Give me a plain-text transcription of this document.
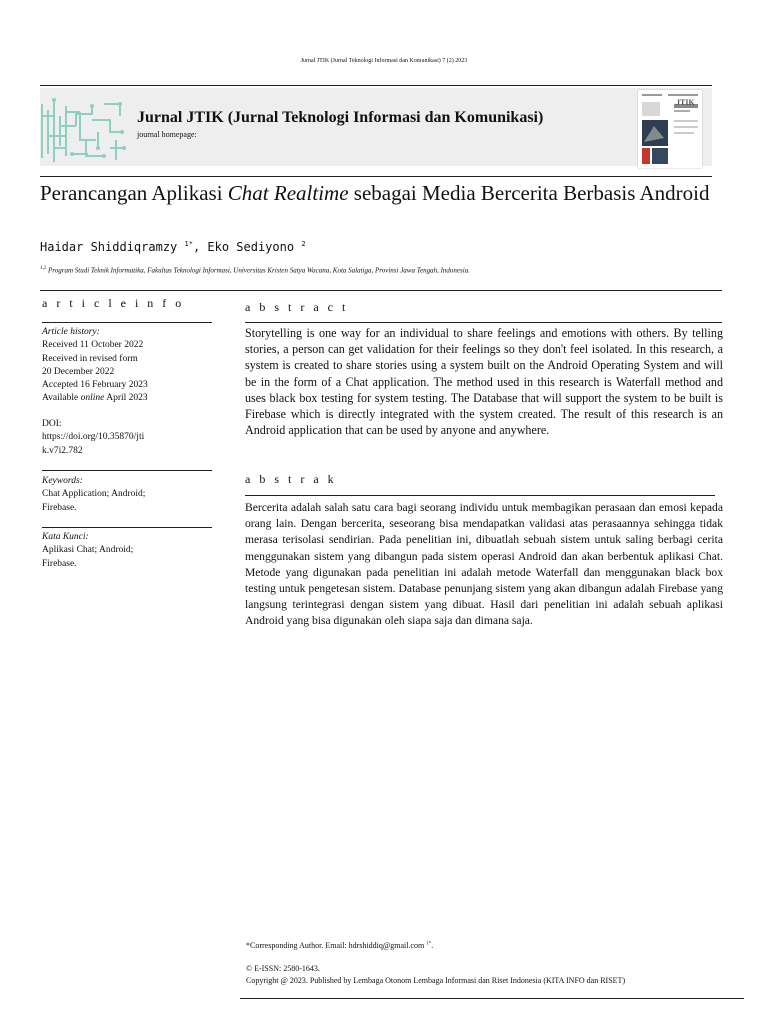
Jurnal JTIK (Jurnal Teknologi Informasi dan Komunikasi) 7 (2) 2023
Jurnal JTIK (Jurnal Teknologi Informasi dan Komunikasi)
journal homepage:
JTIK
Perancangan Aplikasi Chat Realtime sebagai Media Bercerita Berbasis Android
Haidar Shiddiqramzy $^{1*}$, Eko Sediyono $^2$
$^{1,2}$ Program Studi Teknik Informatika, Fakultas Teknologi Informasi, Universitas Kristen Satya Wacana, Kota Salatiga, Provinsi Jawa Tengah, Indonesia.
a r t i c l e i n f o
Article history:
Received 11 October 2022
Received in revised form
20 December 2022
Accepted 16 February 2023
Available online April 2023
DOI:
https://doi.org/10.35870/jti
k.v7i2.782
Keywords:
Chat Application; Android;
Firebase.
Kata Kunci:
Aplikasi Chat; Android;
Firebase.
a b s t r a c t

Storytelling is one way for an individual to share feelings and emotions with others. By telling stories, a person can get validation for their feelings so they don't feel isolated. In this research, a system is created to share stories using a system built on the Android Operating System and will be in the form of a Chat application. The method used in this research is Waterfall method and uses black box testing for system testing. The Database that will support the system to be built is Firebase which is directly integrated with the system created. The result of this research is an Android application that can be used by anyone and anywhere.

a b s t r a k

Bercerita adalah salah satu cara bagi seorang individu untuk membagikan perasaan dan emosi kepada orang lain. Dengan bercerita, seseorang bisa mendapatkan validasi atas perasaannya sehingga tidak merasa terisolasi sendirian. Pada penelitian ini, dibuatlah sebuah sistem untuk saling berbagi cerita menggunakan sistem yang dibangun pada sistem operasi Android dan akan berbentuk aplikasi Chat. Metode yang digunakan pada penelitian ini adalah metode Waterfall dan menggunakan black box testing untuk pengetesan sistem. Database penunjang sistem yang akan dibangun adalah Firebase yang langsung terintegrasi dengan sistem yang dibuat. Hasil dari penelitian ini adalah sebuah aplikasi Android yang bisa digunakan oleh siapa saja dan dimana saja.

*Corresponding Author. Email: hdrshiddiq@gmail.com $^{1*}$.
© E-ISSN: 2580-1643.
Copyright @ 2023. Published by Lembaga Otonom Lembaga Informasi dan Riset Indonesia (KITA INFO dan RISET)
